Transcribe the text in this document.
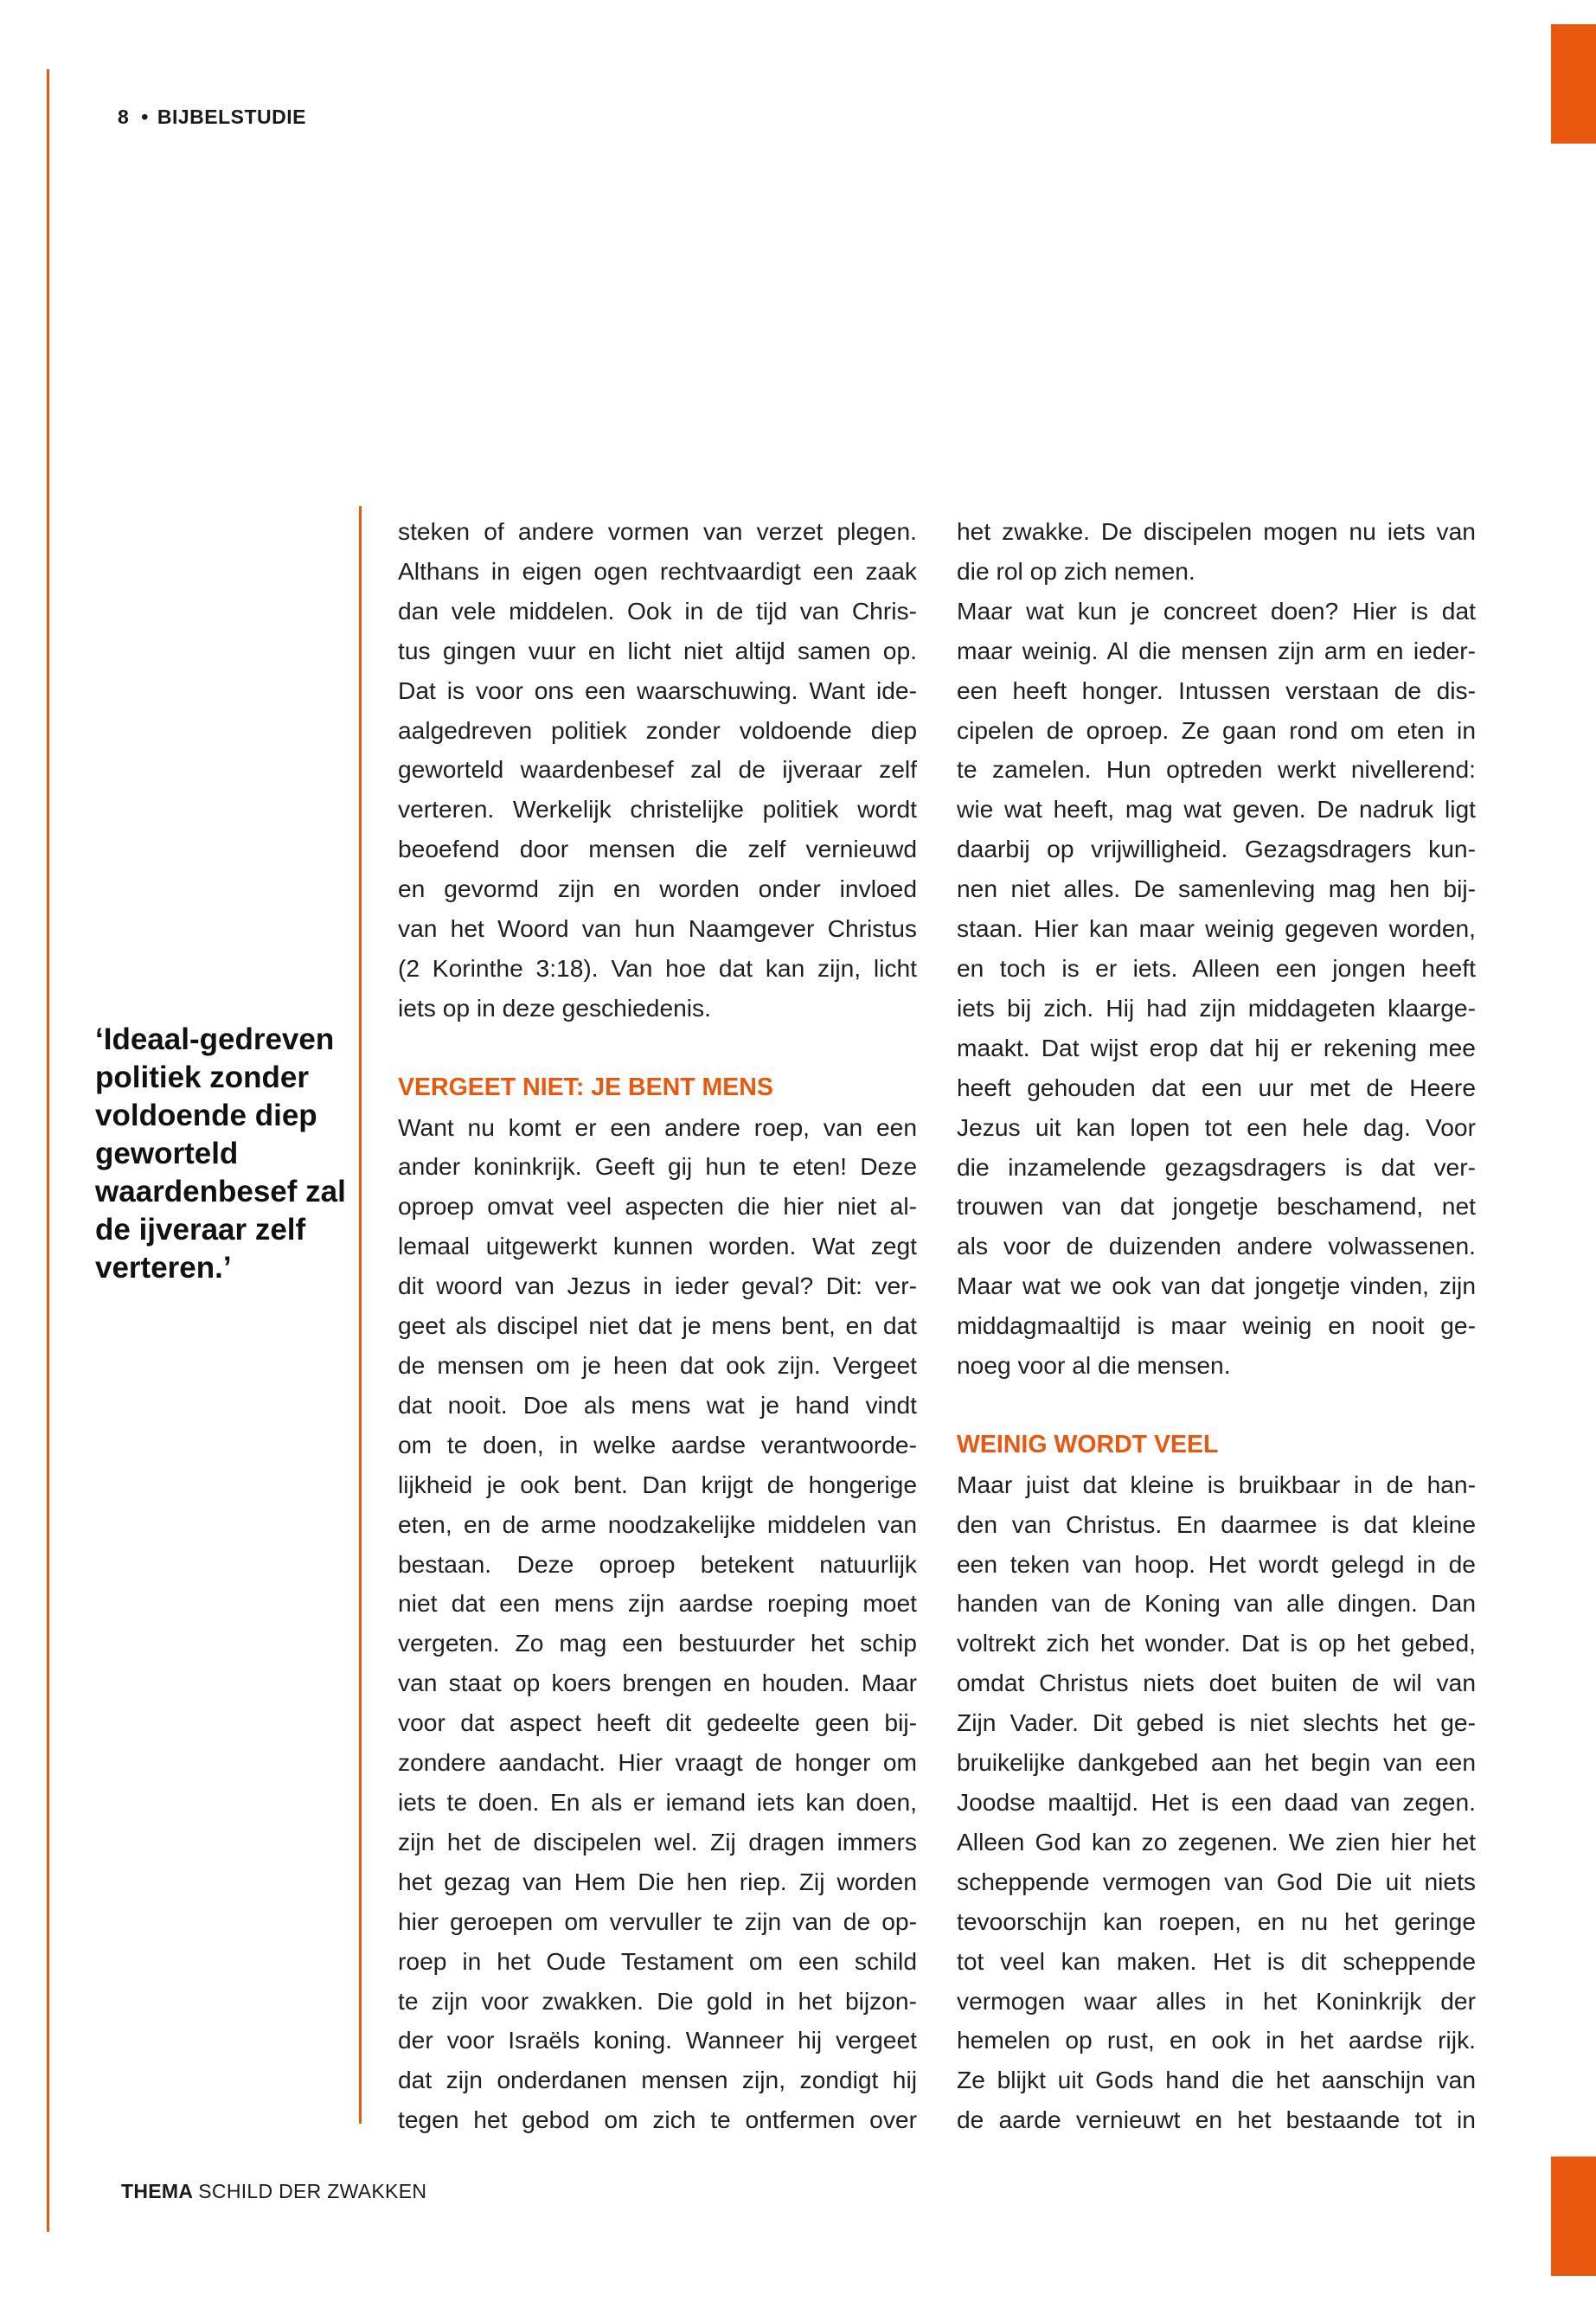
8 • BIJBELSTUDIE
‘Ideaal-gedreven politiek zonder voldoende diep geworteld waardenbesef zal de ijveraar zelf verteren.’

steken of andere vormen van verzet plegen.

Althans in eigen ogen rechtvaardigt een zaak

dan vele middelen. Ook in de tijd van Chris-

tus gingen vuur en licht niet altijd samen op.

Dat is voor ons een waarschuwing. Want ide-

aalgedreven politiek zonder voldoende diep

geworteld waardenbesef zal de ijveraar zelf

verteren. Werkelijk christelijke politiek wordt

beoefend door mensen die zelf vernieuwd

en gevormd zijn en worden onder invloed

van het Woord van hun Naamgever Christus

(2 Korinthe 3:18). Van hoe dat kan zijn, licht

iets op in deze geschiedenis.

VERGEET NIET: JE BENT MENS

Want nu komt er een andere roep, van een

ander koninkrijk. Geeft gij hun te eten! Deze

oproep omvat veel aspecten die hier niet al-

lemaal uitgewerkt kunnen worden. Wat zegt

dit woord van Jezus in ieder geval? Dit: ver-

geet als discipel niet dat je mens bent, en dat

de mensen om je heen dat ook zijn. Vergeet

dat nooit. Doe als mens wat je hand vindt

om te doen, in welke aardse verantwoorde-

lijkheid je ook bent. Dan krijgt de hongerige

eten, en de arme noodzakelijke middelen van

bestaan. Deze oproep betekent natuurlijk

niet dat een mens zijn aardse roeping moet

vergeten. Zo mag een bestuurder het schip

van staat op koers brengen en houden. Maar

voor dat aspect heeft dit gedeelte geen bij-

zondere aandacht. Hier vraagt de honger om

iets te doen. En als er iemand iets kan doen,

zijn het de discipelen wel. Zij dragen immers

het gezag van Hem Die hen riep. Zij worden

hier geroepen om vervuller te zijn van de op-

roep in het Oude Testament om een schild

te zijn voor zwakken. Die gold in het bijzon-

der voor Israëls koning. Wanneer hij vergeet

dat zijn onderdanen mensen zijn, zondigt hij

tegen het gebod om zich te ontfermen over

het zwakke. De discipelen mogen nu iets van

die rol op zich nemen.

Maar wat kun je concreet doen? Hier is dat

maar weinig. Al die mensen zijn arm en ieder-

een heeft honger. Intussen verstaan de dis-

cipelen de oproep. Ze gaan rond om eten in

te zamelen. Hun optreden werkt nivellerend:

wie wat heeft, mag wat geven. De nadruk ligt

daarbij op vrijwilligheid. Gezagsdragers kun-

nen niet alles. De samenleving mag hen bij-

staan. Hier kan maar weinig gegeven worden,

en toch is er iets. Alleen een jongen heeft

iets bij zich. Hij had zijn middageten klaarge-

maakt. Dat wijst erop dat hij er rekening mee

heeft gehouden dat een uur met de Heere

Jezus uit kan lopen tot een hele dag. Voor

die inzamelende gezagsdragers is dat ver-

trouwen van dat jongetje beschamend, net

als voor de duizenden andere volwassenen.

Maar wat we ook van dat jongetje vinden, zijn

middagmaaltijd is maar weinig en nooit ge-

noeg voor al die mensen.

WEINIG WORDT VEEL

Maar juist dat kleine is bruikbaar in de han-

den van Christus. En daarmee is dat kleine

een teken van hoop. Het wordt gelegd in de

handen van de Koning van alle dingen. Dan

voltrekt zich het wonder. Dat is op het gebed,

omdat Christus niets doet buiten de wil van

Zijn Vader. Dit gebed is niet slechts het ge-

bruikelijke dankgebed aan het begin van een

Joodse maaltijd. Het is een daad van zegen.

Alleen God kan zo zegenen. We zien hier het

scheppende vermogen van God Die uit niets

tevoorschijn kan roepen, en nu het geringe

tot veel kan maken. Het is dit scheppende

vermogen waar alles in het Koninkrijk der

hemelen op rust, en ook in het aardse rijk.

Ze blijkt uit Gods hand die het aanschijn van

de aarde vernieuwt en het bestaande tot in

THEMA SCHILD DER ZWAKKEN
